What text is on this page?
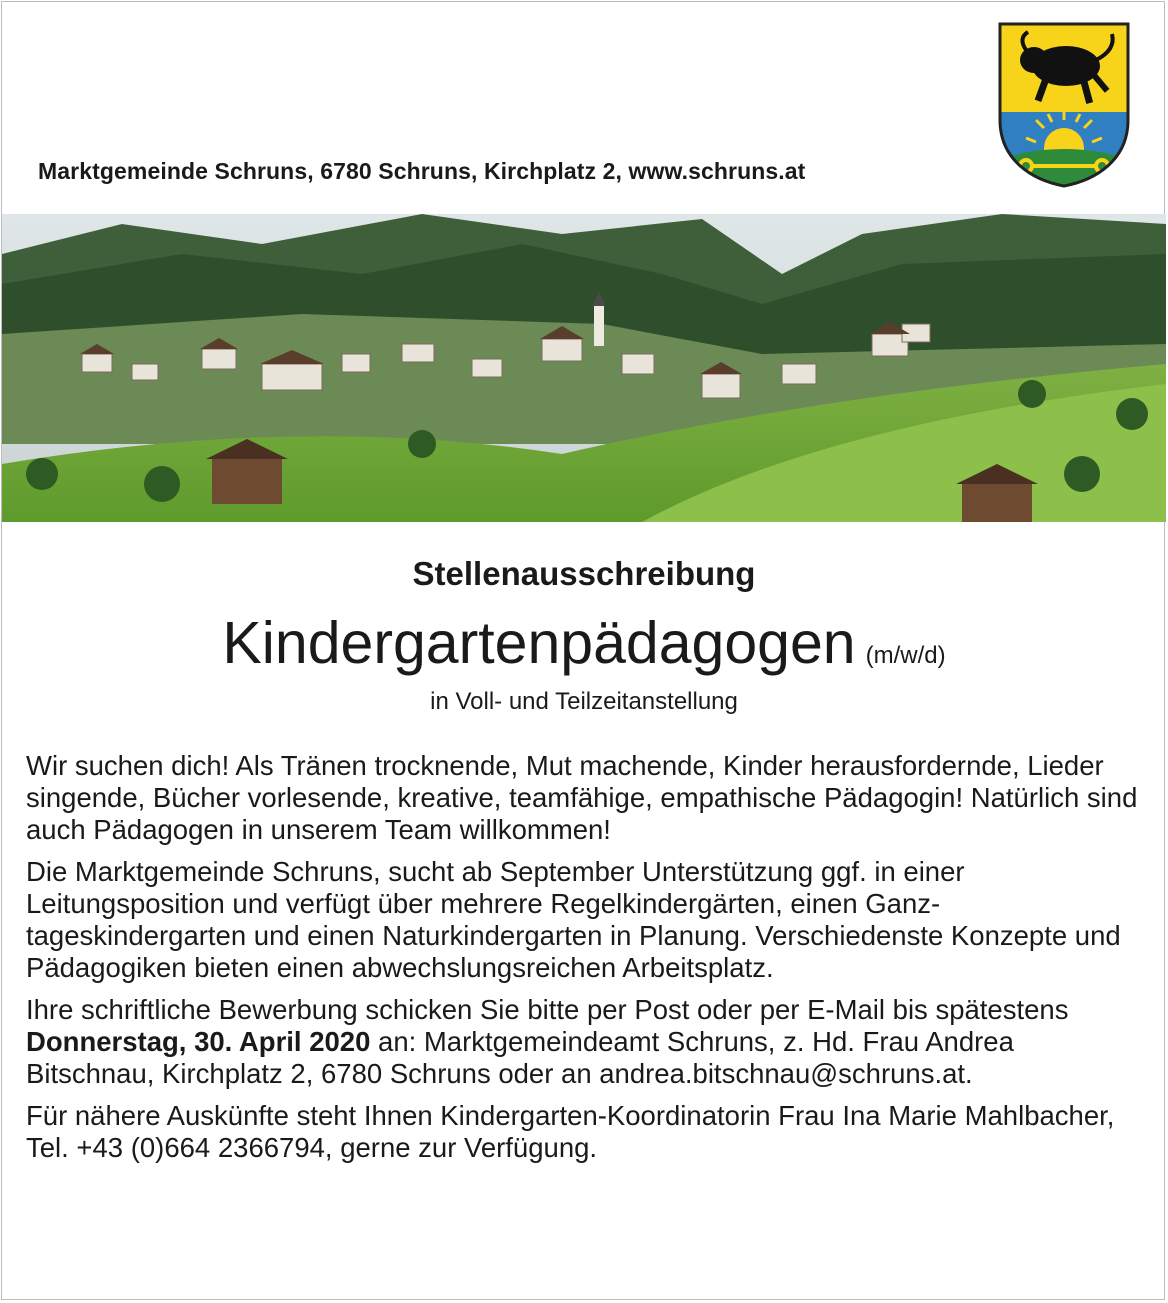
Marktgemeinde Schruns, 6780 Schruns, Kirchplatz 2, www.schruns.at
Stellenausschreibung
Kindergartenpädagogen (m/w/d)
in Voll- und Teilzeitanstellung

Wir suchen dich! Als Tränen trocknende, Mut machende, Kinder herausfordernde, Lieder singende, Bücher vorlesende, kreative, teamfähige, empathische Pädagogin! Natürlich sind auch Pädagogen in unserem Team willkommen!

Die Marktgemeinde Schruns, sucht ab September Unterstützung ggf. in einer Leitungsposition und verfügt über mehrere Regelkindergärten, einen Ganztageskindergarten und einen Naturkindergarten in Planung. Verschiedenste Konzepte und Pädagogiken bieten einen abwechslungsreichen Arbeitsplatz.

Ihre schriftliche Bewerbung schicken Sie bitte per Post oder per E-Mail bis spätestens Donnerstag, 30. April 2020 an: Marktgemeindeamt Schruns, z. Hd. Frau Andrea Bitschnau, Kirchplatz 2, 6780 Schruns oder an andrea.bitschnau@schruns.at.

Für nähere Auskünfte steht Ihnen Kindergarten-Koordinatorin Frau Ina Marie Mahlbacher, Tel. +43 (0)664 2366794, gerne zur Verfügung.
